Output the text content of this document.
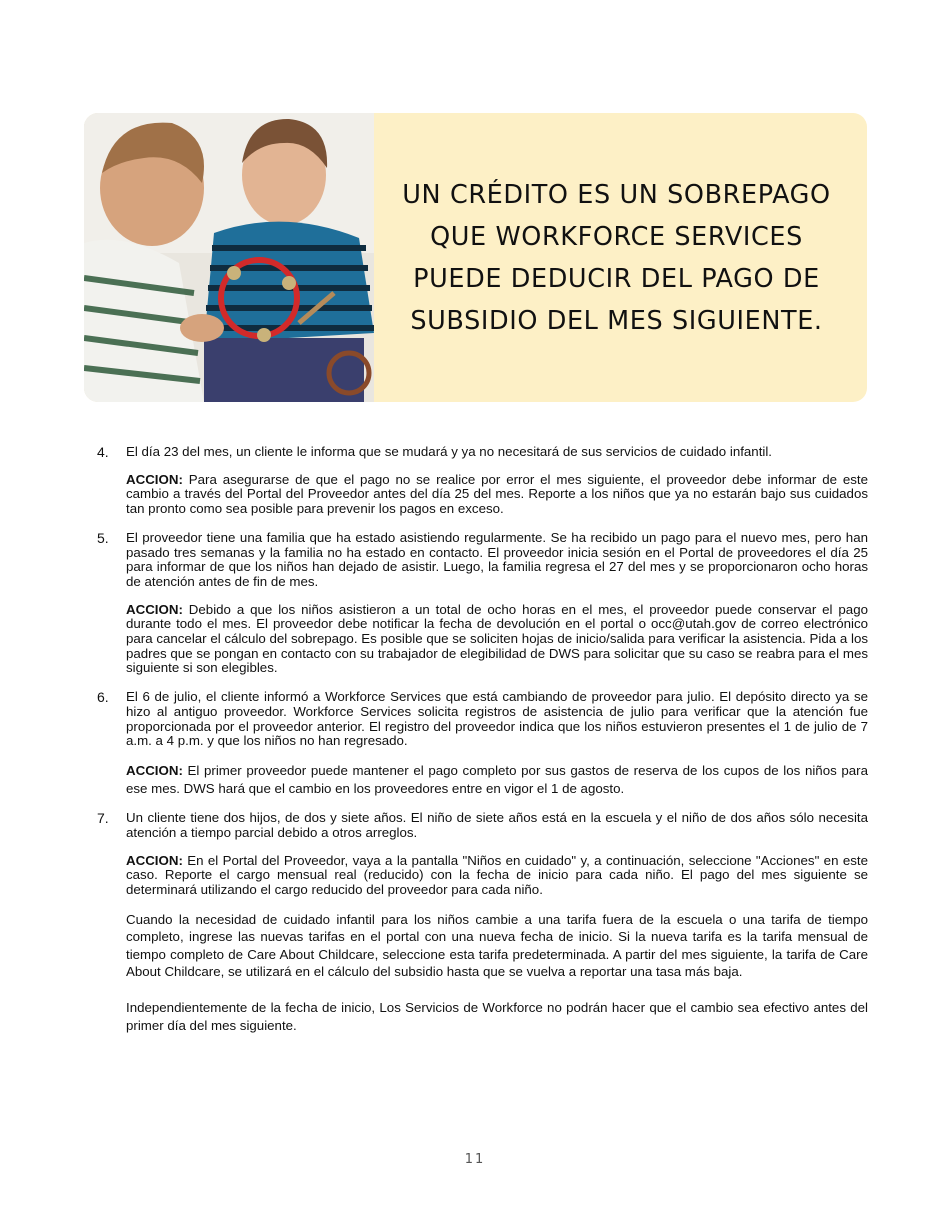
UN CRÉDITO ES UN SOBREPAGO
QUE WORKFORCE SERVICES
PUEDE DEDUCIR DEL PAGO DE
SUBSIDIO DEL MES SIGUIENTE.
4.	El día 23 del mes, un cliente le informa que se mudará y ya no necesitará de sus servicios de cuidado infantil.

ACCION: Para asegurarse de que el pago no se realice por error el mes siguiente, el proveedor debe informar de este cambio a través del Portal del Proveedor antes del día 25 del mes. Reporte a los niños que ya no estarán bajo sus cuidados tan pronto como sea posible para prevenir los pagos en exceso.

5.	El proveedor tiene una familia que ha estado asistiendo regularmente. Se ha recibido un pago para el nuevo mes, pero han pasado tres semanas y la familia no ha estado en contacto. El proveedor inicia sesión en el Portal de proveedores el día 25 para informar de que los niños han dejado de asistir. Luego, la familia regresa el 27 del mes y se proporcionaron ocho horas de atención antes de fin de mes.

ACCION: Debido a que los niños asistieron a un total de ocho horas en el mes, el proveedor puede conservar el pago durante todo el mes. El proveedor debe notificar la fecha de devolución en el portal o occ@utah.gov de correo electrónico para cancelar el cálculo del sobrepago. Es posible que se soliciten hojas de inicio/salida para verificar la asistencia. Pida a los padres que se pongan en contacto con su trabajador de elegibilidad de DWS para solicitar que su caso se reabra para el mes siguiente si son elegibles.

6.	El 6 de julio, el cliente informó a Workforce Services que está cambiando de proveedor para julio. El depósito directo ya se hizo al antiguo proveedor. Workforce Services solicita registros de asistencia de julio para verificar que la atención fue proporcionada por el proveedor anterior. El registro del proveedor indica que los niños estuvieron presentes el 1 de julio de 7 a.m. a 4 p.m. y que los niños no han regresado.

ACCION: El primer proveedor puede mantener el pago completo por sus gastos de reserva de los cupos de los niños para ese mes. DWS hará que el cambio en los proveedores entre en vigor el 1 de agosto.

7.	Un cliente tiene dos hijos, de dos y siete años. El niño de siete años está en la escuela y el niño de dos años sólo necesita atención a tiempo parcial debido a otros arreglos.

ACCION: En el Portal del Proveedor, vaya a la pantalla "Niños en cuidado" y, a continuación, seleccione "Acciones" en este caso. Reporte el cargo mensual real (reducido) con la fecha de inicio para cada niño. El pago del mes siguiente se determinará utilizando el cargo reducido del proveedor para cada niño.

Cuando la necesidad de cuidado infantil para los niños cambie a una tarifa fuera de la escuela o una tarifa de tiempo completo, ingrese las nuevas tarifas en el portal con una nueva fecha de inicio. Si la nueva tarifa es la tarifa mensual de tiempo completo de Care About Childcare, seleccione esta tarifa predeterminada. A partir del mes siguiente, la tarifa de Care About Childcare, se utilizará en el cálculo del subsidio hasta que se vuelva a reportar una tasa más baja.

Independientemente de la fecha de inicio, Los Servicios de Workforce no podrán hacer que el cambio sea efectivo antes del primer día del mes siguiente.

11
